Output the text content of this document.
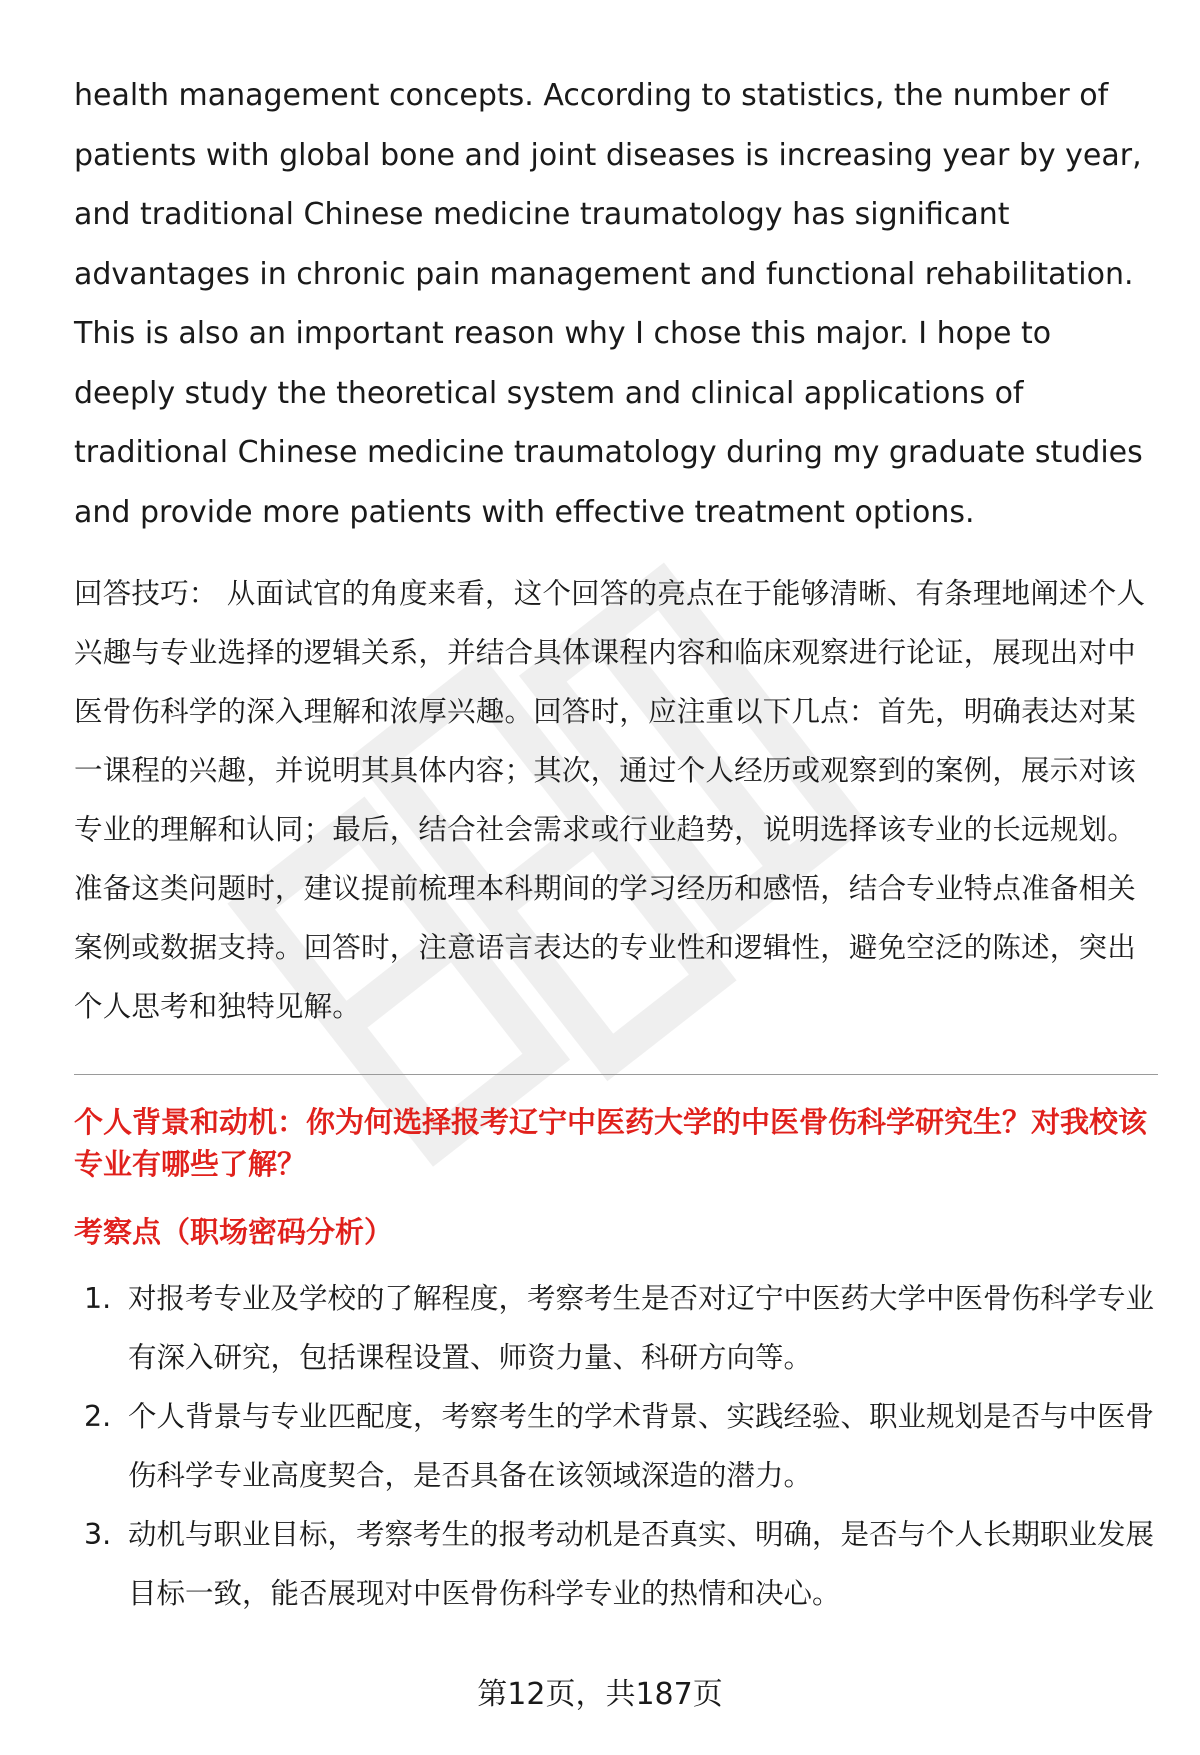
health management concepts. According to statistics, the number of patients with global bone and joint diseases is increasing year by year, and traditional Chinese medicine traumatology has significant advantages in chronic pain management and functional rehabilitation. This is also an important reason why I chose this major. I hope to deeply study the theoretical system and clinical applications of traditional Chinese medicine traumatology during my graduate studies and provide more patients with effective treatment options.

回答技巧： 从面试官的角度来看，这个回答的亮点在于能够清晰、有条理地阐述个人兴趣与专业选择的逻辑关系，并结合具体课程内容和临床观察进行论证，展现出对中医骨伤科学的深入理解和浓厚兴趣。回答时，应注重以下几点：首先，明确表达对某一课程的兴趣，并说明其具体内容；其次，通过个人经历或观察到的案例，展示对该专业的理解和认同；最后，结合社会需求或行业趋势，说明选择该专业的长远规划。准备这类问题时，建议提前梳理本科期间的学习经历和感悟，结合专业特点准备相关案例或数据支持。回答时，注意语言表达的专业性和逻辑性，避免空泛的陈述，突出个人思考和独特见解。

个人背景和动机：你为何选择报考辽宁中医药大学的中医骨伤科学研究生？对我校该专业有哪些了解？

考察点（职场密码分析）

1. 对报考专业及学校的了解程度，考察考生是否对辽宁中医药大学中医骨伤科学专业有深入研究，包括课程设置、师资力量、科研方向等。
2. 个人背景与专业匹配度，考察考生的学术背景、实践经验、职业规划是否与中医骨伤科学专业高度契合，是否具备在该领域深造的潜力。
3. 动机与职业目标，考察考生的报考动机是否真实、明确，是否与个人长期职业发展目标一致，能否展现对中医骨伤科学专业的热情和决心。
第12页，共187页
